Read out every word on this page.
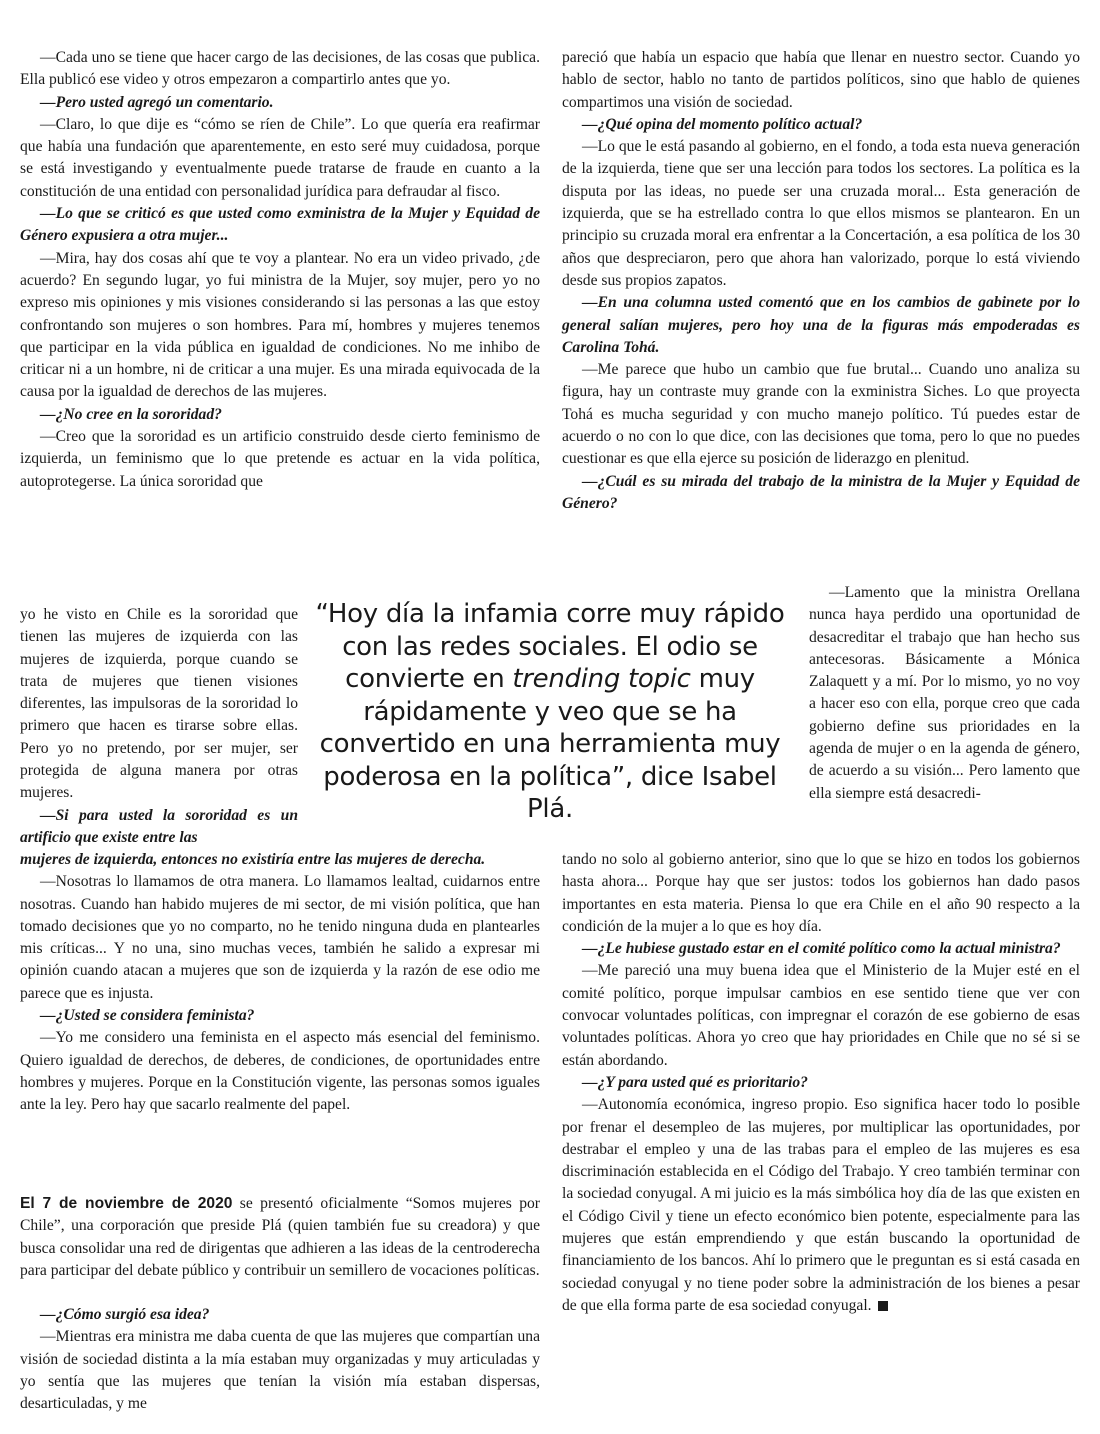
—Cada uno se tiene que hacer cargo de las decisiones, de las cosas que publica. Ella publicó ese video y otros empezaron a compartirlo antes que yo.

—Pero usted agregó un comentario.

—Claro, lo que dije es “cómo se ríen de Chile”. Lo que quería era reafirmar que había una fundación que aparentemente, en esto seré muy cuidadosa, porque se está investigando y eventualmente puede tratarse de fraude en cuanto a la constitución de una entidad con personalidad jurídica para defraudar al fisco.

—Lo que se criticó es que usted como exministra de la Mujer y Equidad de Género expusiera a otra mujer...

—Mira, hay dos cosas ahí que te voy a plantear. No era un video privado, ¿de acuerdo? En segundo lugar, yo fui ministra de la Mujer, soy mujer, pero yo no expreso mis opiniones y mis visiones considerando si las personas a las que estoy confrontando son mujeres o son hombres. Para mí, hombres y mujeres tenemos que participar en la vida pública en igualdad de condiciones. No me inhibo de criticar ni a un hombre, ni de criticar a una mujer. Es una mirada equivocada de la causa por la igualdad de derechos de las mujeres.

—¿No cree en la sororidad?

—Creo que la sororidad es un artificio construido desde cierto feminismo de izquierda, un feminismo que lo que pretende es actuar en la vida política, autoprotegerse. La única sororidad que

yo he visto en Chile es la sororidad que tienen las mujeres de izquierda con las mujeres de izquierda, porque cuando se trata de mujeres que tienen visiones diferentes, las impulsoras de la sororidad lo primero que hacen es tirarse sobre ellas. Pero yo no pretendo, por ser mujer, ser protegida de alguna manera por otras mujeres.

—Si para usted la sororidad es un artificio que existe entre las

mujeres de izquierda, entonces no existiría entre las mujeres de derecha.

—Nosotras lo llamamos de otra manera. Lo llamamos lealtad, cuidarnos entre nosotras. Cuando han habido mujeres de mi sector, de mi visión política, que han tomado decisiones que yo no comparto, no he tenido ninguna duda en plantearles mis críticas... Y no una, sino muchas veces, también he salido a expresar mi opinión cuando atacan a mujeres que son de izquierda y la razón de ese odio me parece que es injusta.

—¿Usted se considera feminista?

—Yo me considero una feminista en el aspecto más esencial del feminismo. Quiero igualdad de derechos, de deberes, de condiciones, de oportunidades entre hombres y mujeres. Porque en la Constitución vigente, las personas somos iguales ante la ley. Pero hay que sacarlo realmente del papel.

El 7 de noviembre de 2020 se presentó oficialmente “Somos mujeres por Chile”, una corporación que preside Plá (quien también fue su creadora) y que busca consolidar una red de dirigentas que adhieren a las ideas de la centroderecha para participar del debate público y contribuir un semillero de vocaciones políticas.

—¿Cómo surgió esa idea?

—Mientras era ministra me daba cuenta de que las mujeres que compartían una visión de sociedad distinta a la mía estaban muy organizadas y muy articuladas y yo sentía que las mujeres que tenían la visión mía estaban dispersas, desarticuladas, y me

pareció que había un espacio que había que llenar en nuestro sector. Cuando yo hablo de sector, hablo no tanto de partidos políticos, sino que hablo de quienes compartimos una visión de sociedad.

—¿Qué opina del momento político actual?

—Lo que le está pasando al gobierno, en el fondo, a toda esta nueva generación de la izquierda, tiene que ser una lección para todos los sectores. La política es la disputa por las ideas, no puede ser una cruzada moral... Esta generación de izquierda, que se ha estrellado contra lo que ellos mismos se plantearon. En un principio su cruzada moral era enfrentar a la Concertación, a esa política de los 30 años que despreciaron, pero que ahora han valorizado, porque lo está viviendo desde sus propios zapatos.

—En una columna usted comentó que en los cambios de gabinete por lo general salían mujeres, pero hoy una de la figuras más empoderadas es Carolina Tohá.

—Me parece que hubo un cambio que fue brutal... Cuando uno analiza su figura, hay un contraste muy grande con la exministra Siches. Lo que proyecta Tohá es mucha seguridad y con mucho manejo político. Tú puedes estar de acuerdo o no con lo que dice, con las decisiones que toma, pero lo que no puedes cuestionar es que ella ejerce su posición de liderazgo en plenitud.

—¿Cuál es su mirada del trabajo de la ministra de la Mujer y Equidad de Género?

—Lamento que la ministra Orellana nunca haya perdido una oportunidad de desacreditar el trabajo que han hecho sus antecesoras. Básicamente a Mónica Zalaquett y a mí. Por lo mismo, yo no voy a hacer eso con ella, porque creo que cada gobierno define sus prioridades en la agenda de mujer o en la agenda de género, de acuerdo a su visión... Pero lamento que ella siempre está desacredi-

tando no solo al gobierno anterior, sino que lo que se hizo en todos los gobiernos hasta ahora... Porque hay que ser justos: todos los gobiernos han dado pasos importantes en esta materia. Piensa lo que era Chile en el año 90 respecto a la condición de la mujer a lo que es hoy día.

—¿Le hubiese gustado estar en el comité político como la actual ministra?

—Me pareció una muy buena idea que el Ministerio de la Mujer esté en el comité político, porque impulsar cambios en ese sentido tiene que ver con convocar voluntades políticas, con impregnar el corazón de ese gobierno de esas voluntades políticas. Ahora yo creo que hay prioridades en Chile que no sé si se están abordando.

—¿Y para usted qué es prioritario?

—Autonomía económica, ingreso propio. Eso significa hacer todo lo posible por frenar el desempleo de las mujeres, por multiplicar las oportunidades, por destrabar el empleo y una de las trabas para el empleo de las mujeres es esa discriminación establecida en el Código del Trabajo. Y creo también terminar con la sociedad conyugal. A mi juicio es la más simbólica hoy día de las que existen en el Código Civil y tiene un efecto económico bien potente, especialmente para las mujeres que están emprendiendo y que están buscando la oportunidad de financiamiento de los bancos. Ahí lo primero que le preguntan es si está casada en sociedad conyugal y no tiene poder sobre la administración de los bienes a pesar de que ella forma parte de esa sociedad conyugal.

“Hoy día la infamia corre muy rápido con las redes sociales. El odio se convierte en trending topic muy rápidamente y veo que se ha convertido en una herramienta muy poderosa en la política”, dice Isabel Plá.
